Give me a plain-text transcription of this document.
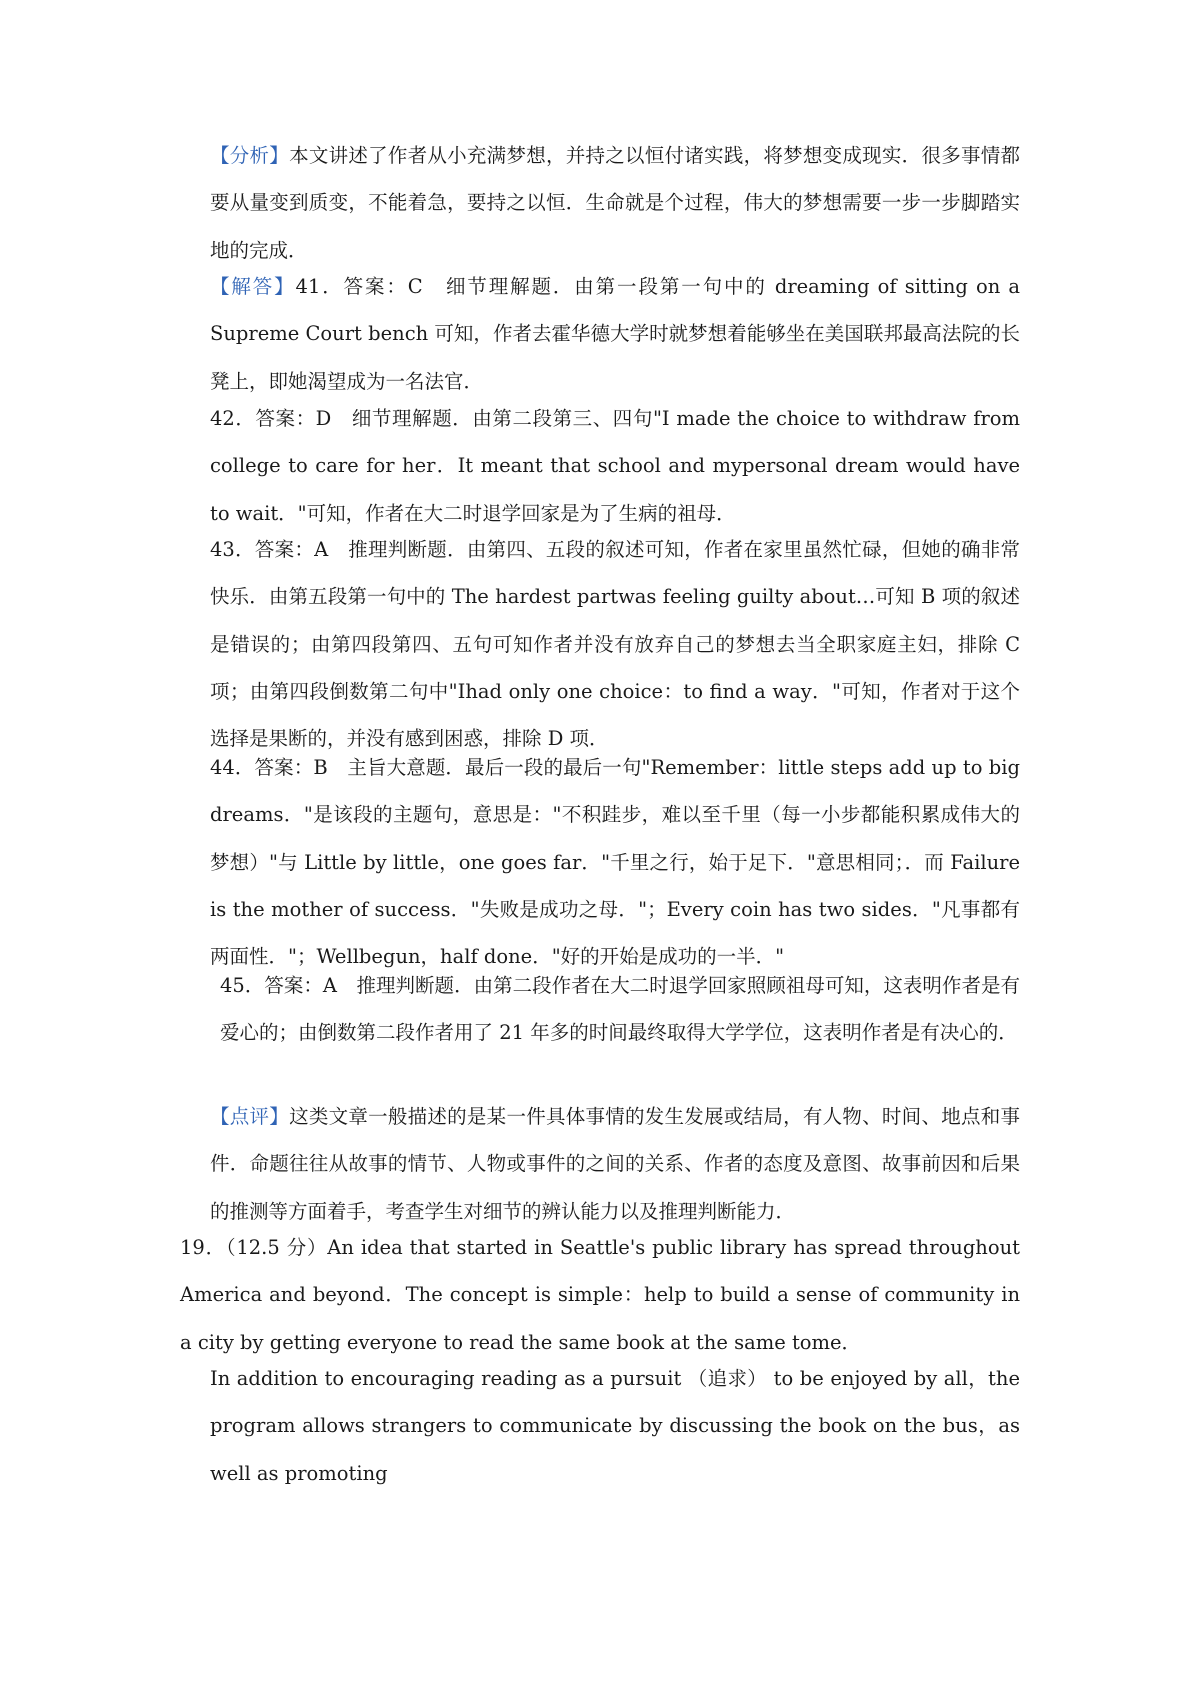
【分析】本文讲述了作者从小充满梦想，并持之以恒付诸实践，将梦想变成现实．很多事情都要从量变到质变，不能着急，要持之以恒．生命就是个过程，伟大的梦想需要一步一步脚踏实地的完成．
【解答】41．答案：C　细节理解题．由第一段第一句中的 dreaming of sitting on a Supreme Court bench 可知，作者去霍华德大学时就梦想着能够坐在美国联邦最高法院的长凳上，即她渴望成为一名法官．
42．答案：D　细节理解题．由第二段第三、四句"I made the choice to withdraw from college to care for her．It meant that school and mypersonal dream would have to wait．"可知，作者在大二时退学回家是为了生病的祖母．
43．答案：A　推理判断题．由第四、五段的叙述可知，作者在家里虽然忙碌，但她的确非常快乐．由第五段第一句中的 The hardest partwas feeling guilty about…可知 B 项的叙述是错误的；由第四段第四、五句可知作者并没有放弃自己的梦想去当全职家庭主妇，排除 C 项；由第四段倒数第二句中"Ihad only one choice：to find a way．"可知，作者对于这个选择是果断的，并没有感到困惑，排除 D 项．
44．答案：B　主旨大意题．最后一段的最后一句"Remember：little steps add up to big dreams．"是该段的主题句，意思是："不积跬步，难以至千里（每一小步都能积累成伟大的梦想）"与 Little by little，one goes far．"千里之行，始于足下．"意思相同；．而 Failure is the mother of success．"失败是成功之母．"；Every coin has two sides．"凡事都有两面性．"；Wellbegun，half done．"好的开始是成功的一半．"
45．答案：A　推理判断题．由第二段作者在大二时退学回家照顾祖母可知，这表明作者是有爱心的；由倒数第二段作者用了 21 年多的时间最终取得大学学位，这表明作者是有决心的．
【点评】这类文章一般描述的是某一件具体事情的发生发展或结局，有人物、时间、地点和事件．命题往往从故事的情节、人物或事件的之间的关系、作者的态度及意图、故事前因和后果的推测等方面着手，考查学生对细节的辨认能力以及推理判断能力．
19．（12.5 分）An idea that started in Seattle's public library has spread throughout America and beyond．The concept is simple：help to build a sense of community in a city by getting everyone to read the same book at the same tome．
In addition to encouraging reading as a pursuit （追求） to be enjoyed by all，the program allows strangers to communicate by discussing the book on the bus，as well as promoting
